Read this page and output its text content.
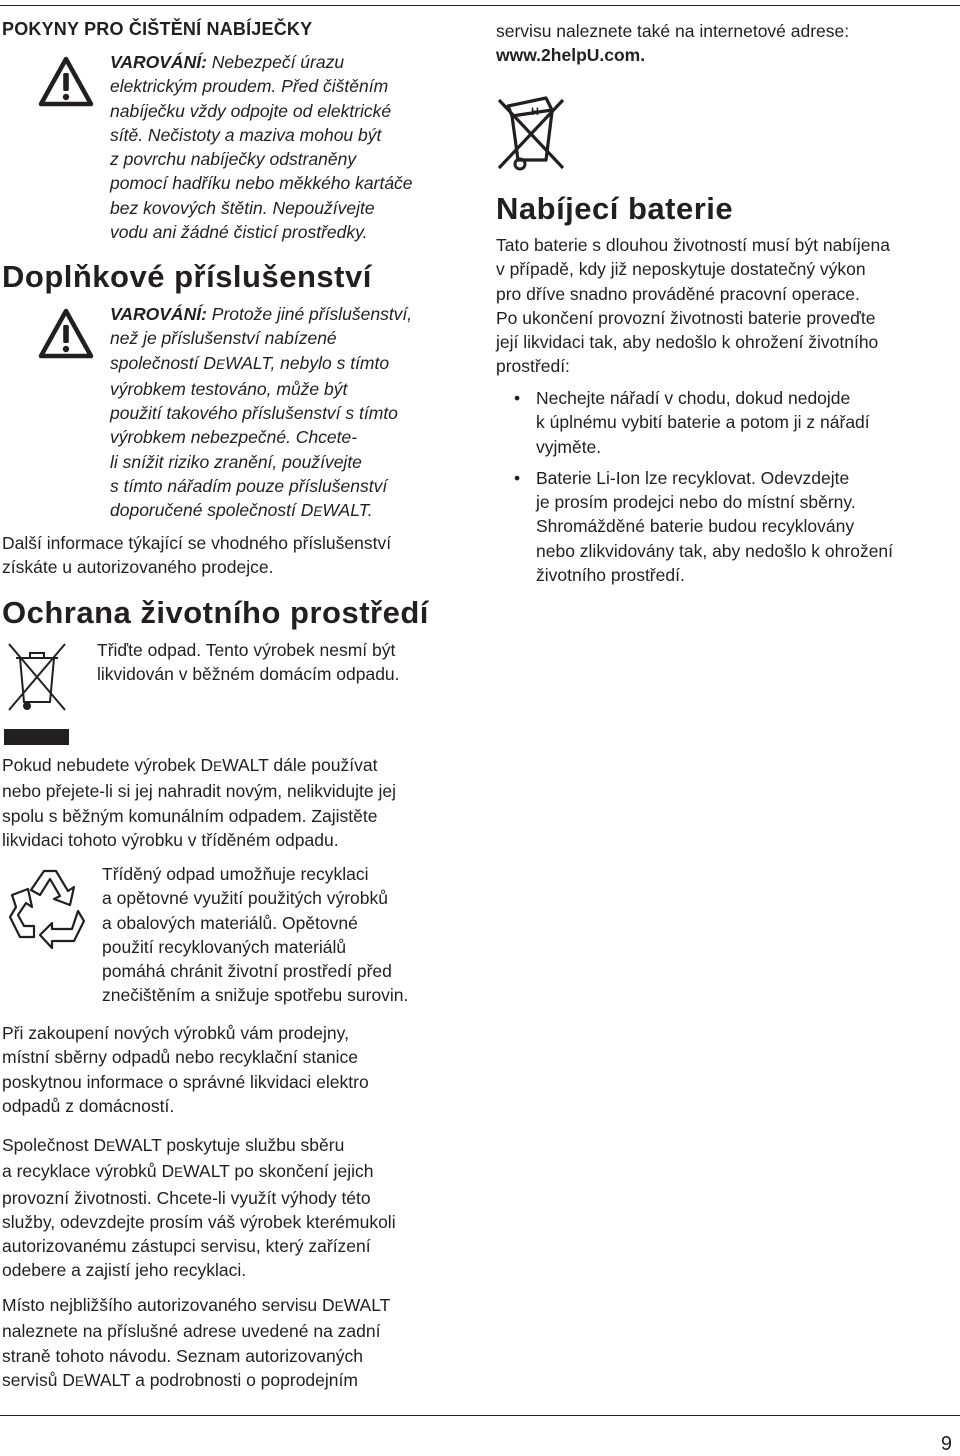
POKYNY PRO ČIŠTĚNÍ NABÍJEČKY
VAROVÁNÍ: Nebezpečí úrazu
elektrickým proudem. Před čištěním
nabíječku vždy odpojte od elektrické
sítě. Nečistoty a maziva mohou být
z povrchu nabíječky odstraněny
pomocí hadříku nebo měkkého kartáče
bez kovových štětin. Nepoužívejte
vodu ani žádné čisticí prostředky.
Doplňkové příslušenství
VAROVÁNÍ: Protože jiné příslušenství,
než je příslušenství nabízené
společností DEWALT, nebylo s tímto
výrobkem testováno, může být
použití takového příslušenství s tímto
výrobkem nebezpečné. Chcete-
li snížit riziko zranění, používejte
s tímto nářadím pouze příslušenství
doporučené společností DEWALT.
Další informace týkající se vhodného příslušenství
získáte u autorizovaného prodejce.
Ochrana životního prostředí
Třiďte odpad. Tento výrobek nesmí být
likvidován v běžném domácím odpadu.
Pokud nebudete výrobek DEWALT dále používat
nebo přejete-li si jej nahradit novým, nelikvidujte jej
spolu s běžným komunálním odpadem. Zajistěte
likvidaci tohoto výrobku v tříděném odpadu.
Tříděný odpad umožňuje recyklaci
a opětovné využití použitých výrobků
a obalových materiálů. Opětovné
použití recyklovaných materiálů
pomáhá chránit životní prostředí před
znečištěním a snižuje spotřebu surovin.
Při zakoupení nových výrobků vám prodejny,
místní sběrny odpadů nebo recyklační stanice
poskytnou informace o správné likvidaci elektro
odpadů z domácností.
Společnost DEWALT poskytuje službu sběru
a recyklace výrobků DEWALT po skončení jejich
provozní životnosti. Chcete-li využít výhody této
služby, odevzdejte prosím váš výrobek kterémukoli
autorizovanému zástupci servisu, který zařízení
odebere a zajistí jeho recyklaci.
Místo nejbližšího autorizovaného servisu DEWALT
naleznete na příslušné adrese uvedené na zadní
straně tohoto návodu. Seznam autorizovaných
servisů DEWALT a podrobnosti o poprodejním
servisu naleznete také na internetové adrese:
www.2helpU.com.
H
Nabíjecí baterie
Tato baterie s dlouhou životností musí být nabíjena
v případě, kdy již neposkytuje dostatečný výkon
pro dříve snadno prováděné pracovní operace.
Po ukončení provozní životnosti baterie proveďte
její likvidaci tak, aby nedošlo k ohrožení životního
prostředí:
• Nechejte nářadí v chodu, dokud nedojde
k úplnému vybití baterie a potom ji z nářadí
vyjměte.
• Baterie Li-Ion lze recyklovat. Odevzdejte
je prosím prodejci nebo do místní sběrny.
Shromážděné baterie budou recyklovány
nebo zlikvidovány tak, aby nedošlo k ohrožení
životního prostředí.
9
